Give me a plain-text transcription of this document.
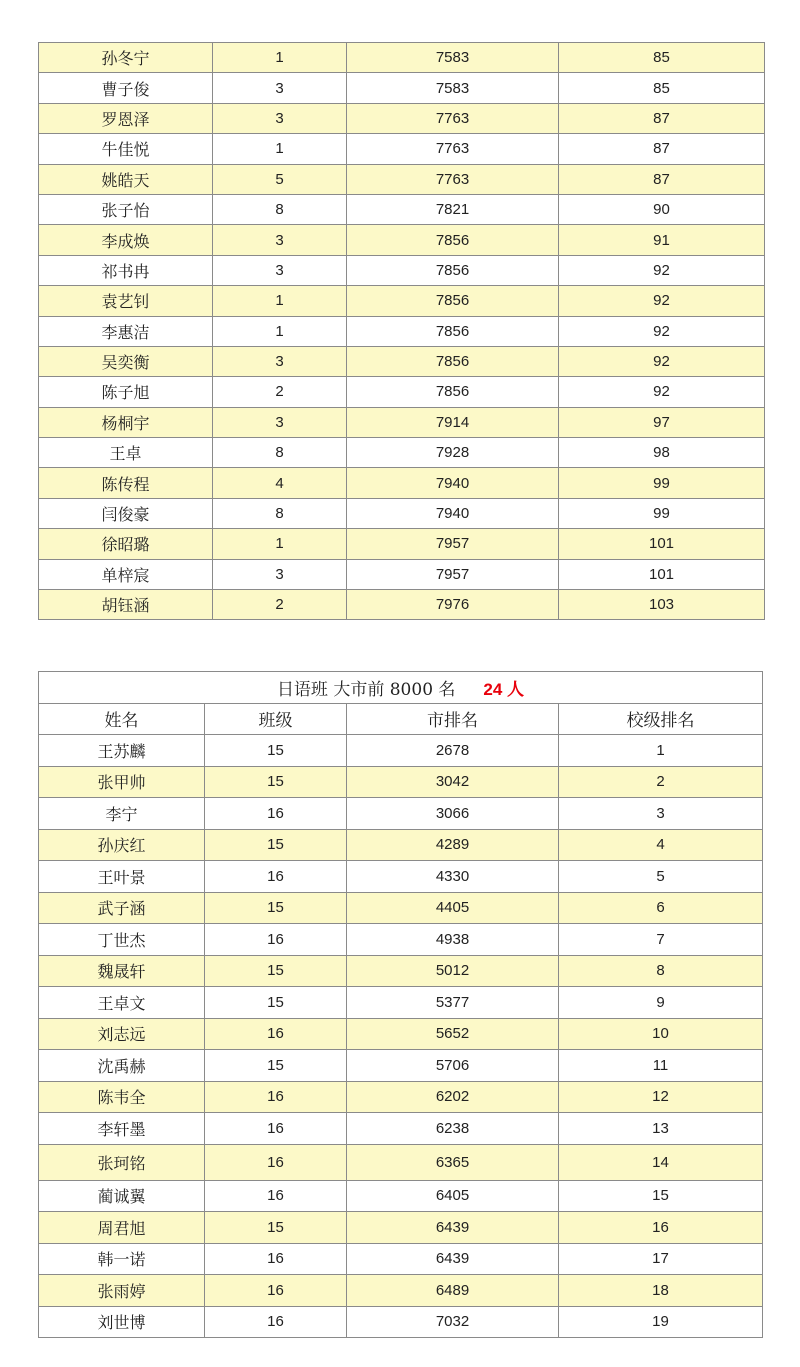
孙冬宁	1	7583	85
曹子俊	3	7583	85
罗恩泽	3	7763	87
牛佳悦	1	7763	87
姚皓天	5	7763	87
张子怡	8	7821	90
李成焕	3	7856	91
祁书冉	3	7856	92
袁艺钊	1	7856	92
李惠洁	1	7856	92
吴奕衡	3	7856	92
陈子旭	2	7856	92
杨桐宇	3	7914	97
王卓	8	7928	98
陈传程	4	7940	99
闫俊豪	8	7940	99
徐昭璐	1	7957	101
单梓宸	3	7957	101
胡钰涵	2	7976	103
日语班 大市前 8000 名 24 人			
姓名	班级	市排名	校级排名
王苏麟	15	2678	1
张甲帅	15	3042	2
李宁	16	3066	3
孙庆红	15	4289	4
王叶景	16	4330	5
武子涵	15	4405	6
丁世杰	16	4938	7
魏晟轩	15	5012	8
王卓文	15	5377	9
刘志远	16	5652	10
沈禹赫	15	5706	11
陈韦全	16	6202	12
李轩墨	16	6238	13
张珂铭	16	6365	14
蔺诚翼	16	6405	15
周君旭	15	6439	16
韩一诺	16	6439	17
张雨婷	16	6489	18
刘世博	16	7032	19
